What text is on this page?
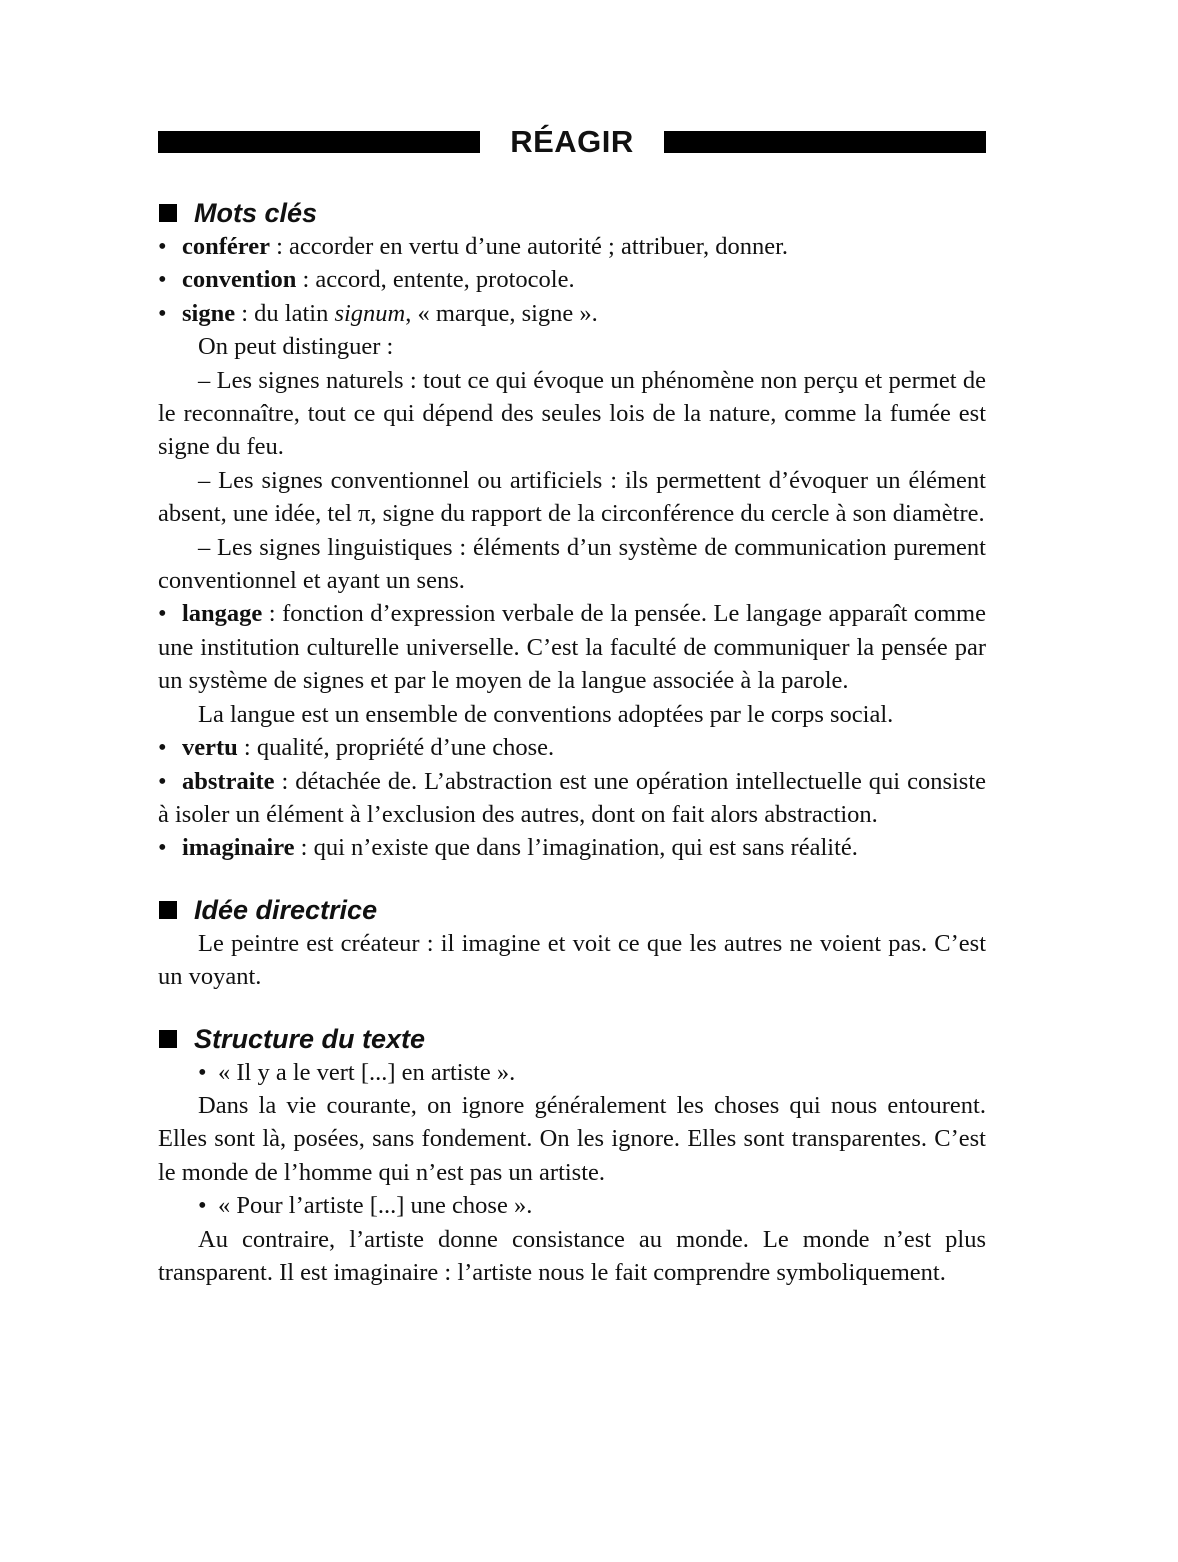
RÉAGIR
Mots clés

• conférer : accorder en vertu d’une autorité ; attribuer, donner.

• convention : accord, entente, protocole.

• signe : du latin signum, « marque, signe ».

On peut distinguer :

– Les signes naturels : tout ce qui évoque un phénomène non perçu et permet de le reconnaître, tout ce qui dépend des seules lois de la nature, comme la fumée est signe du feu.

– Les signes conventionnel ou artificiels : ils permettent d’évoquer un élément absent, une idée, tel π, signe du rapport de la circonférence du cercle à son diamètre.

– Les signes linguistiques : éléments d’un système de communication purement conventionnel et ayant un sens.

• langage : fonction d’expression verbale de la pensée. Le langage apparaît comme une institution culturelle universelle. C’est la faculté de communiquer la pensée par un système de signes et par le moyen de la langue associée à la parole.

La langue est un ensemble de conventions adoptées par le corps social.

• vertu : qualité, propriété d’une chose.

• abstraite : détachée de. L’abstraction est une opération intellectuelle qui consiste à isoler un élément à l’exclusion des autres, dont on fait alors abstraction.

• imaginaire : qui n’existe que dans l’imagination, qui est sans réalité.

Idée directrice

Le peintre est créateur : il imagine et voit ce que les autres ne voient pas. C’est un voyant.

Structure du texte

• « Il y a le vert [...] en artiste ».

Dans la vie courante, on ignore généralement les choses qui nous entourent. Elles sont là, posées, sans fondement. On les ignore. Elles sont transparentes. C’est le monde de l’homme qui n’est pas un artiste.

• « Pour l’artiste [...] une chose ».

Au contraire, l’artiste donne consistance au monde. Le monde n’est plus transparent. Il est imaginaire : l’artiste nous le fait comprendre symboliquement.
